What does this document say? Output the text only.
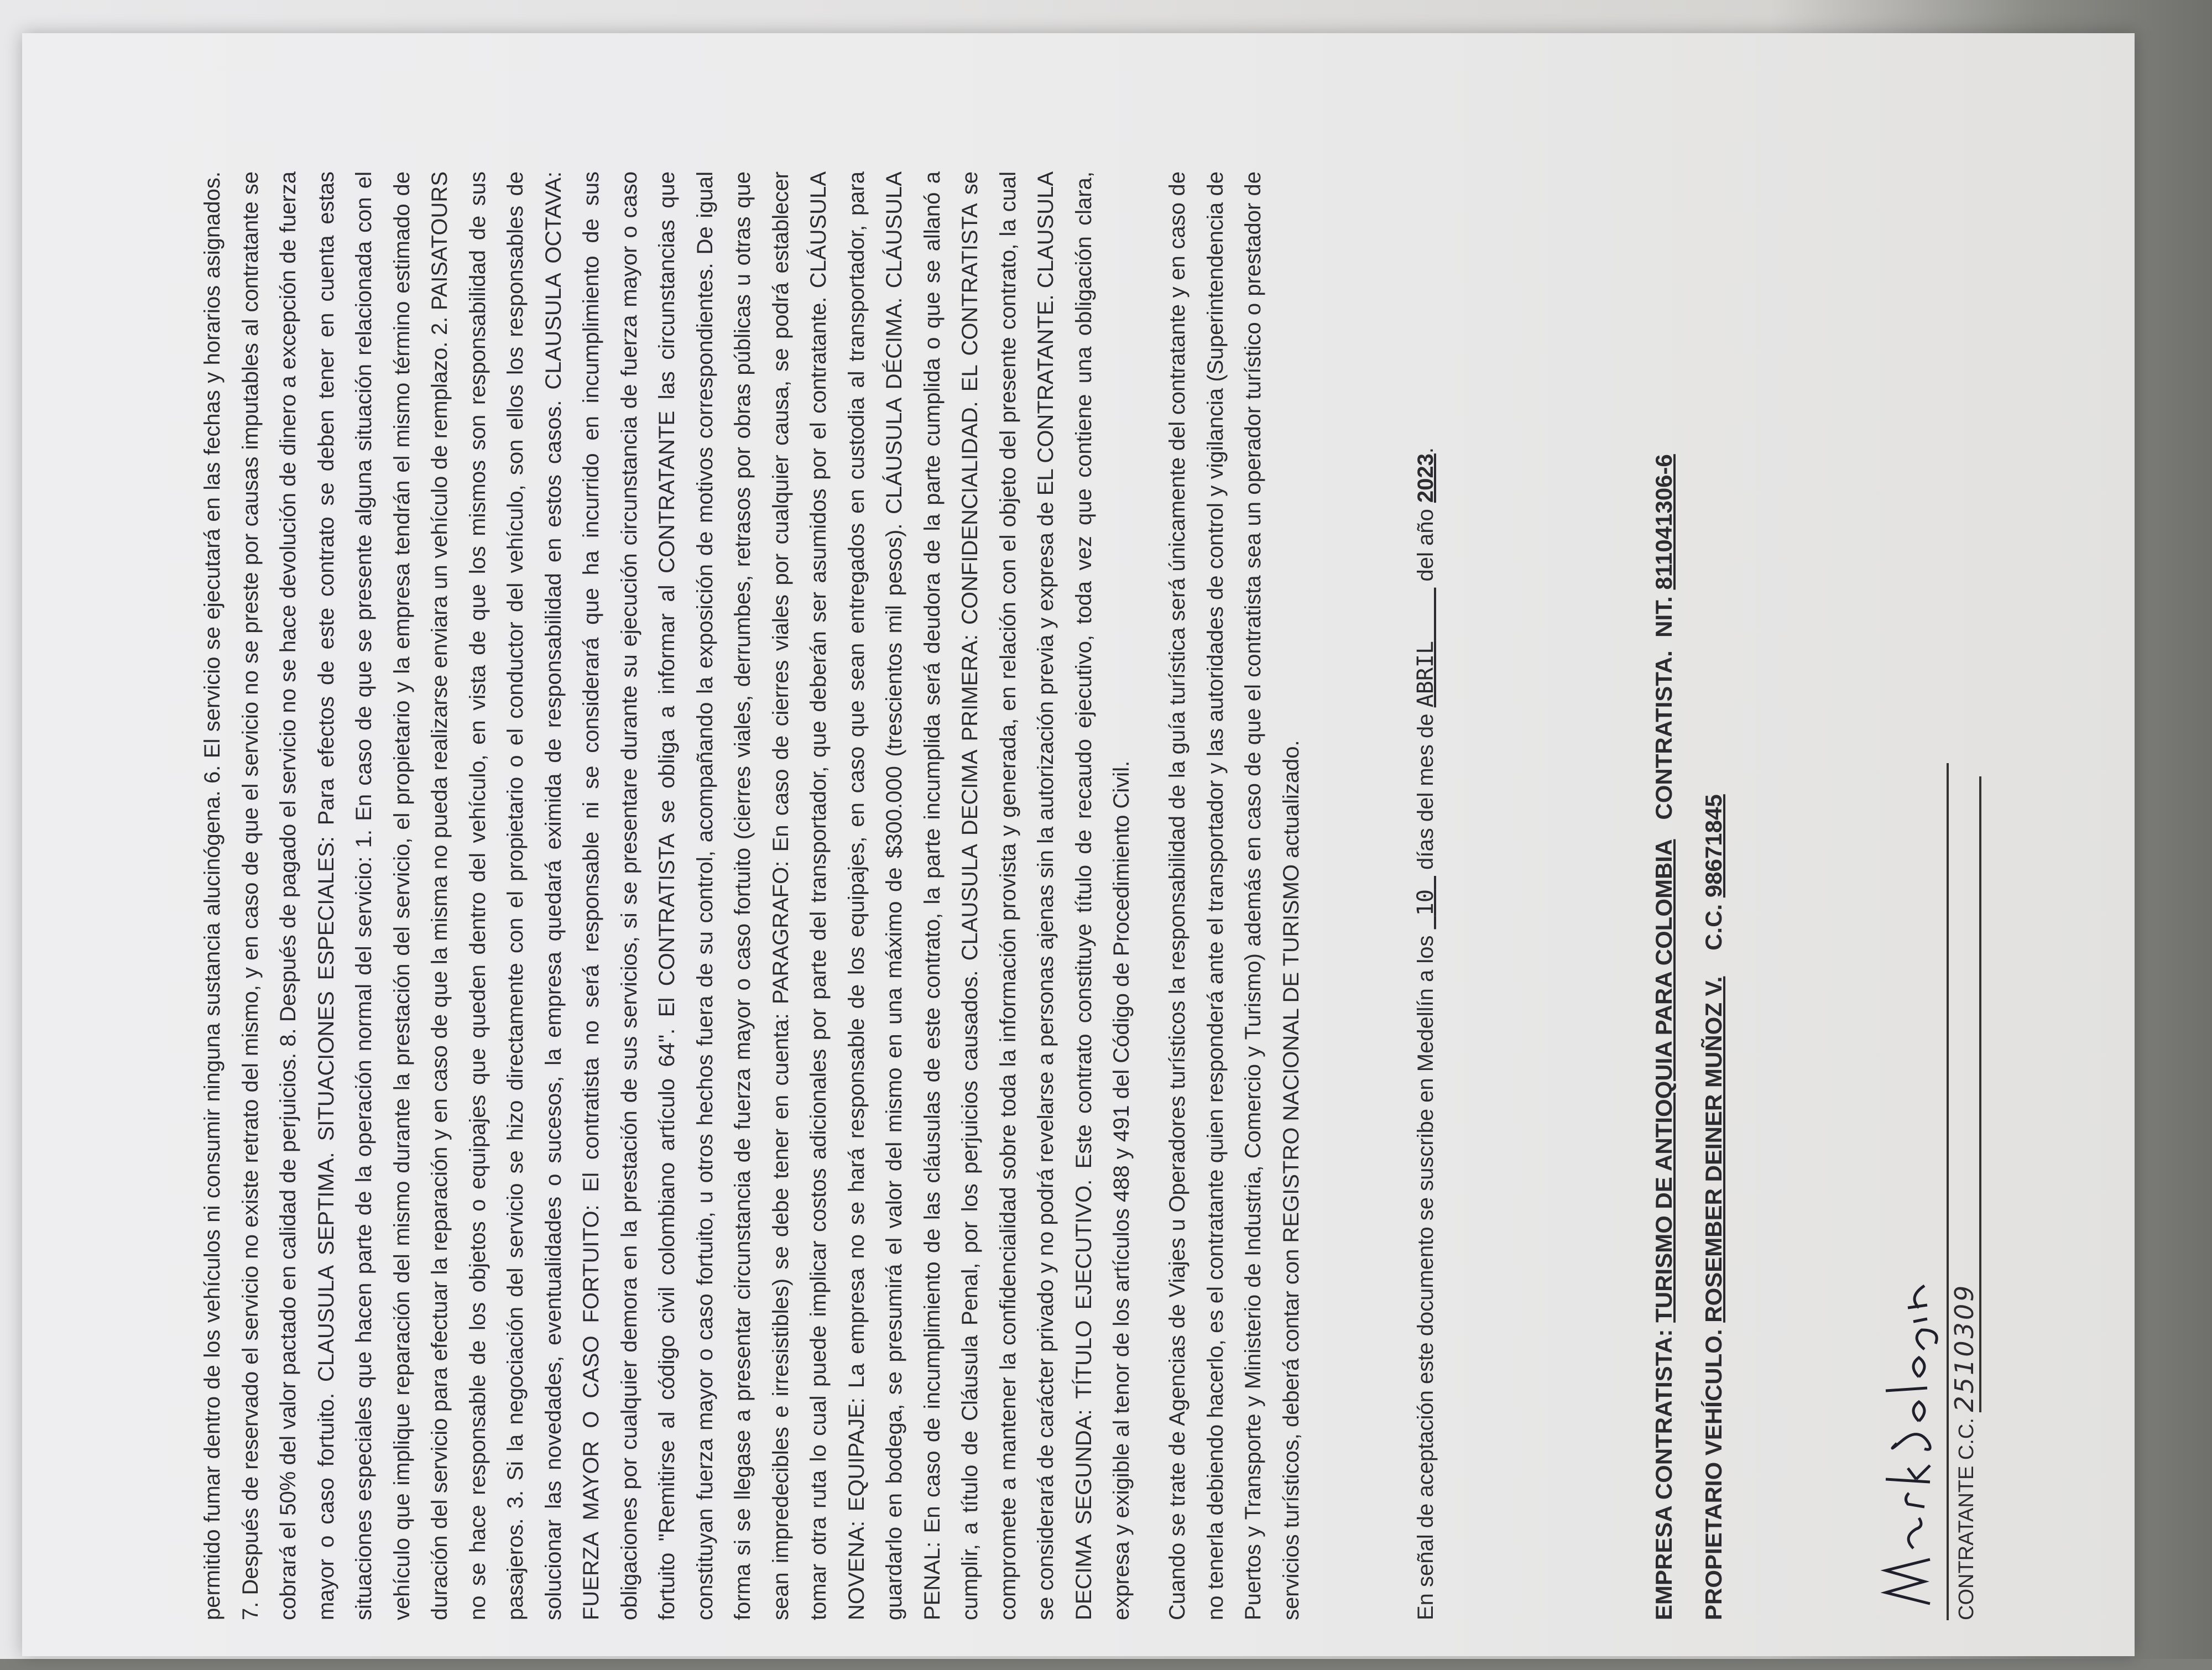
permitido fumar dentro de los vehículos ni consumir ninguna sustancia alucinógena. 6. El servicio se ejecutará en las fechas y horarios asignados. 7. Después de reservado el servicio no existe retrato del mismo, y en caso de que el servicio no se preste por causas imputables al contratante se cobrará el 50% del valor pactado en calidad de perjuicios. 8. Después de pagado el servicio no se hace devolución de dinero a excepción de fuerza mayor o caso fortuito. CLAUSULA SEPTIMA. SITUACIONES ESPECIALES: Para efectos de este contrato se deben tener en cuenta estas situaciones especiales que hacen parte de la operación normal del servicio: 1. En caso de que se presente alguna situación relacionada con el vehículo que implique reparación del mismo durante la prestación del servicio, el propietario y la empresa tendrán el mismo término estimado de duración del servicio para efectuar la reparación y en caso de que la misma no pueda realizarse enviara un vehículo de remplazo. 2. PAISATOURS no se hace responsable de los objetos o equipajes que queden dentro del vehículo, en vista de que los mismos son responsabilidad de sus pasajeros. 3. Si la negociación del servicio se hizo directamente con el propietario o el conductor del vehículo, son ellos los responsables de solucionar las novedades, eventualidades o sucesos, la empresa quedará eximida de responsabilidad en estos casos. CLAUSULA OCTAVA: FUERZA MAYOR O CASO FORTUITO: El contratista no será responsable ni se considerará que ha incurrido en incumplimiento de sus obligaciones por cualquier demora en la prestación de sus servicios, si se presentare durante su ejecución circunstancia de fuerza mayor o caso fortuito "Remitirse al código civil colombiano artículo 64". El CONTRATISTA se obliga a informar al CONTRATANTE las circunstancias que constituyan fuerza mayor o caso fortuito, u otros hechos fuera de su control, acompañando la exposición de motivos correspondientes. De igual forma si se llegase a presentar circunstancia de fuerza mayor o caso fortuito (cierres viales, derrumbes, retrasos por obras públicas u otras que sean impredecibles e irresistibles) se debe tener en cuenta: PARAGRAFO: En caso de cierres viales por cualquier causa, se podrá establecer tomar otra ruta lo cual puede implicar costos adicionales por parte del transportador, que deberán ser asumidos por el contratante. CLÁUSULA NOVENA: EQUIPAJE: La empresa no se hará responsable de los equipajes, en caso que sean entregados en custodia al transportador, para guardarlo en bodega, se presumirá el valor del mismo en una máximo de $300.000 (trescientos mil pesos). CLÁUSULA DÉCIMA. CLÁUSULA PENAL: En caso de incumplimiento de las cláusulas de este contrato, la parte incumplida será deudora de la parte cumplida o que se allanó a cumplir, a título de Cláusula Penal, por los perjuicios causados. CLAUSULA DECIMA PRIMERA: CONFIDENCIALIDAD. EL CONTRATISTA se compromete a mantener la confidencialidad sobre toda la información provista y generada, en relación con el objeto del presente contrato, la cual se considerará de carácter privado y no podrá revelarse a personas ajenas sin la autorización previa y expresa de EL CONTRATANTE. CLAUSULA DECIMA SEGUNDA: TÍTULO EJECUTIVO. Este contrato constituye título de recaudo ejecutivo, toda vez que contiene una obligación clara, expresa y exigible al tenor de los artículos 488 y 491 del Código de Procedimiento Civil.	Cuando se trate de Agencias de Viajes u Operadores turísticos la responsabilidad de la guía turística será únicamente del contratante y en caso de no tenerla debiendo hacerlo, es el contratante quien responderá ante el transportador y las autoridades de control y vigilancia (Superintendencia de Puertos y Transporte y Ministerio de Industria, Comercio y Turismo) además en caso de que el contratista sea un operador turístico o prestador de servicios turísticos, deberá contar con REGISTRO NACIONAL DE TURISMO actualizado.	En señal de aceptación este documento se suscribe en Medellín a los  10  días del mes de ABRIL     del año 2023.

EMPRESA CONTRATISTA: TURISMO DE ANTIOQUIA PARA COLOMBIA   CONTRATISTA.  NIT. 811041306-6

PROPIETARIO VEHÍCULO. ROSEMBER DEINER MUÑOZ V.    C.C. 98671845

CONTRATANTE C.C. 2510309
